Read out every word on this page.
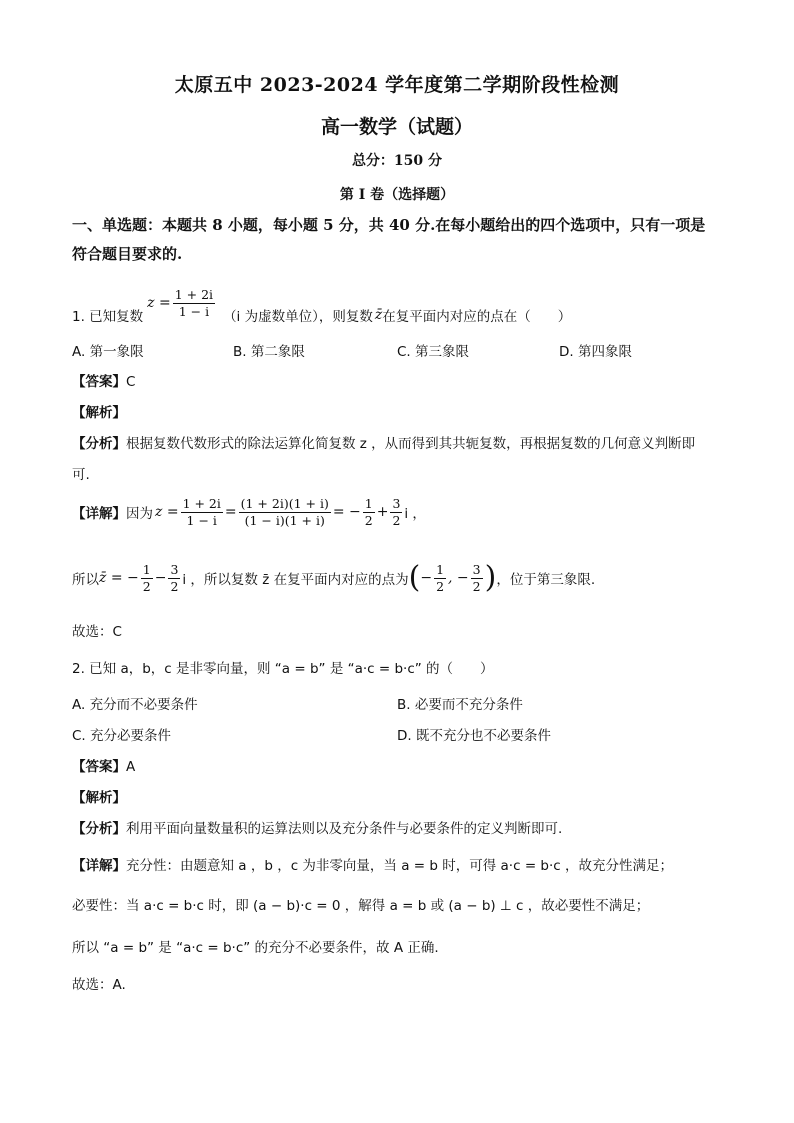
太原五中 2023-2024 学年度第二学期阶段性检测
高一数学（试题）
总分：150 分
第 I 卷（选择题）
一、单选题：本题共 8 小题，每小题 5 分，共 40 分.在每小题给出的四个选项中，只有一项是
符合题目要求的.
1. 已知复数
$z = \frac{1 + 2i}{1 - i} (i$ 为虚数单位），则复数 z̄ 在复平面内对应的点在（　　）
A. 第一象限	B. 第二象限	C. 第三象限	D. 第四象限
【答案】C
【解析】
【分析】根据复数代数形式的除法运算化简复数 z ，从而得到其共轭复数，再根据复数的几何意义判断即
可.
【详解】 因为 $z = \frac{1 + 2i}{1 - i} = \frac{(1 + 2i)(1 + i)}{(1 - i)(1 + i)}$ = − $\frac{1}{2} + \frac{3}{2}$ i ，
所以 z̄ = − $\frac{1}{2} - \frac{3}{2}$ i ，所以复数 z̄ 在复平面内对应的点为 ( − $\frac{1}{2}$ , − $\frac{3}{2}$ ) ，位于第三象限.
故选：C
2. 已知 a，b，c 是非零向量，则 “a = b” 是 “a·c = b·c” 的（　　）
A. 充分而不必要条件	B. 必要而不充分条件
C. 充分必要条件	D. 既不充分也不必要条件
【答案】A
【解析】
【分析】利用平面向量数量积的运算法则以及充分条件与必要条件的定义判断即可.
【详解】充分性：由题意知 a ，b ，c 为非零向量，当 a = b 时，可得 a·c = b·c ，故充分性满足；
必要性：当 a·c = b·c 时，即 (a − b)·c = 0 ，解得 a = b 或 (a − b) ⊥ c ，故必要性不满足；
所以 “a = b” 是 “a·c = b·c” 的充分不必要条件，故 A 正确.
故选：A.
